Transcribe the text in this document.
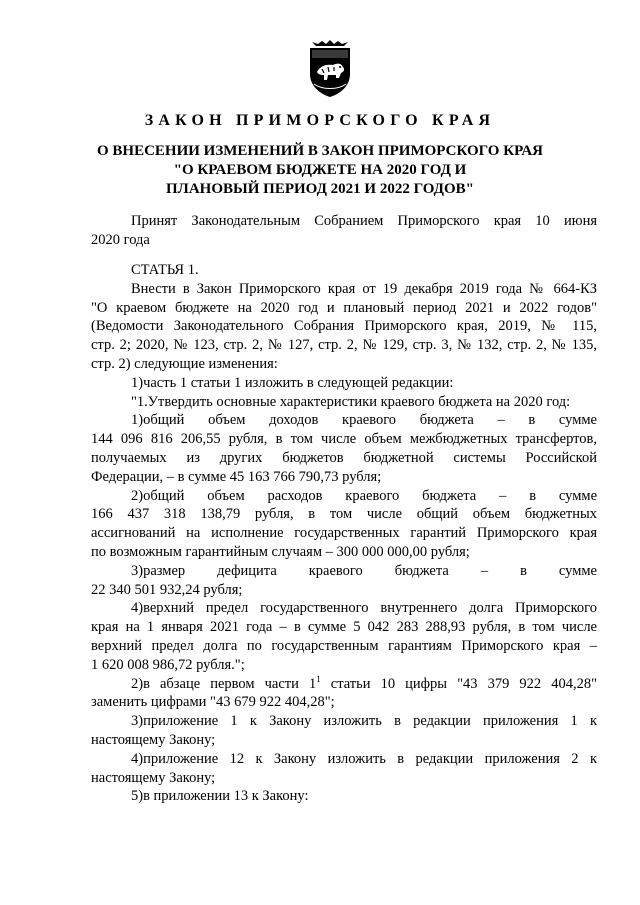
ЗАКОН ПРИМОРСКОГО КРАЯ
О ВНЕСЕНИИ ИЗМЕНЕНИЙ В ЗАКОН ПРИМОРСКОГО КРАЯ
"О КРАЕВОМ БЮДЖЕТЕ НА 2020 ГОД И
ПЛАНОВЫЙ ПЕРИОД 2021 И 2022 ГОДОВ"

Принят Законодательным Собранием Приморского края 10 июня

2020 года

СТАТЬЯ 1.

Внести в Закон Приморского края от 19 декабря 2019 года № 664-КЗ

"О краевом бюджете на 2020 год и плановый период 2021 и 2022 годов"

(Ведомости Законодательного Собрания Приморского края, 2019, № 115,

стр. 2; 2020, № 123, стр. 2, № 127, стр. 2, № 129, стр. 3, № 132, стр. 2, № 135,

стр. 2) следующие изменения:

1)часть 1 статьи 1 изложить в следующей редакции:

"1.Утвердить основные характеристики краевого бюджета на 2020 год:

1)общий объем доходов краевого бюджета – в сумме

144 096 816 206,55 рубля, в том числе объем межбюджетных трансфертов,

получаемых из других бюджетов бюджетной системы Российской

Федерации, – в сумме 45 163 766 790,73 рубля;

2)общий объем расходов краевого бюджета – в сумме

166 437 318 138,79 рубля, в том числе общий объем бюджетных

ассигнований на исполнение государственных гарантий Приморского края

по возможным гарантийным случаям – 300 000 000,00 рубля;

3)размер дефицита краевого бюджета – в сумме

22 340 501 932,24 рубля;

4)верхний предел государственного внутреннего долга Приморского

края на 1 января 2021 года – в сумме 5 042 283 288,93 рубля, в том числе

верхний предел долга по государственным гарантиям Приморского края –

1 620 008 986,72 рубля.";

2)в абзаце первом части $1^1$ статьи 10 цифры "43 379 922 404,28"

заменить цифрами "43 679 922 404,28";

3)приложение 1 к Закону изложить в редакции приложения 1 к

настоящему Закону;

4)приложение 12 к Закону изложить в редакции приложения 2 к

настоящему Закону;

5)в приложении 13 к Закону:
